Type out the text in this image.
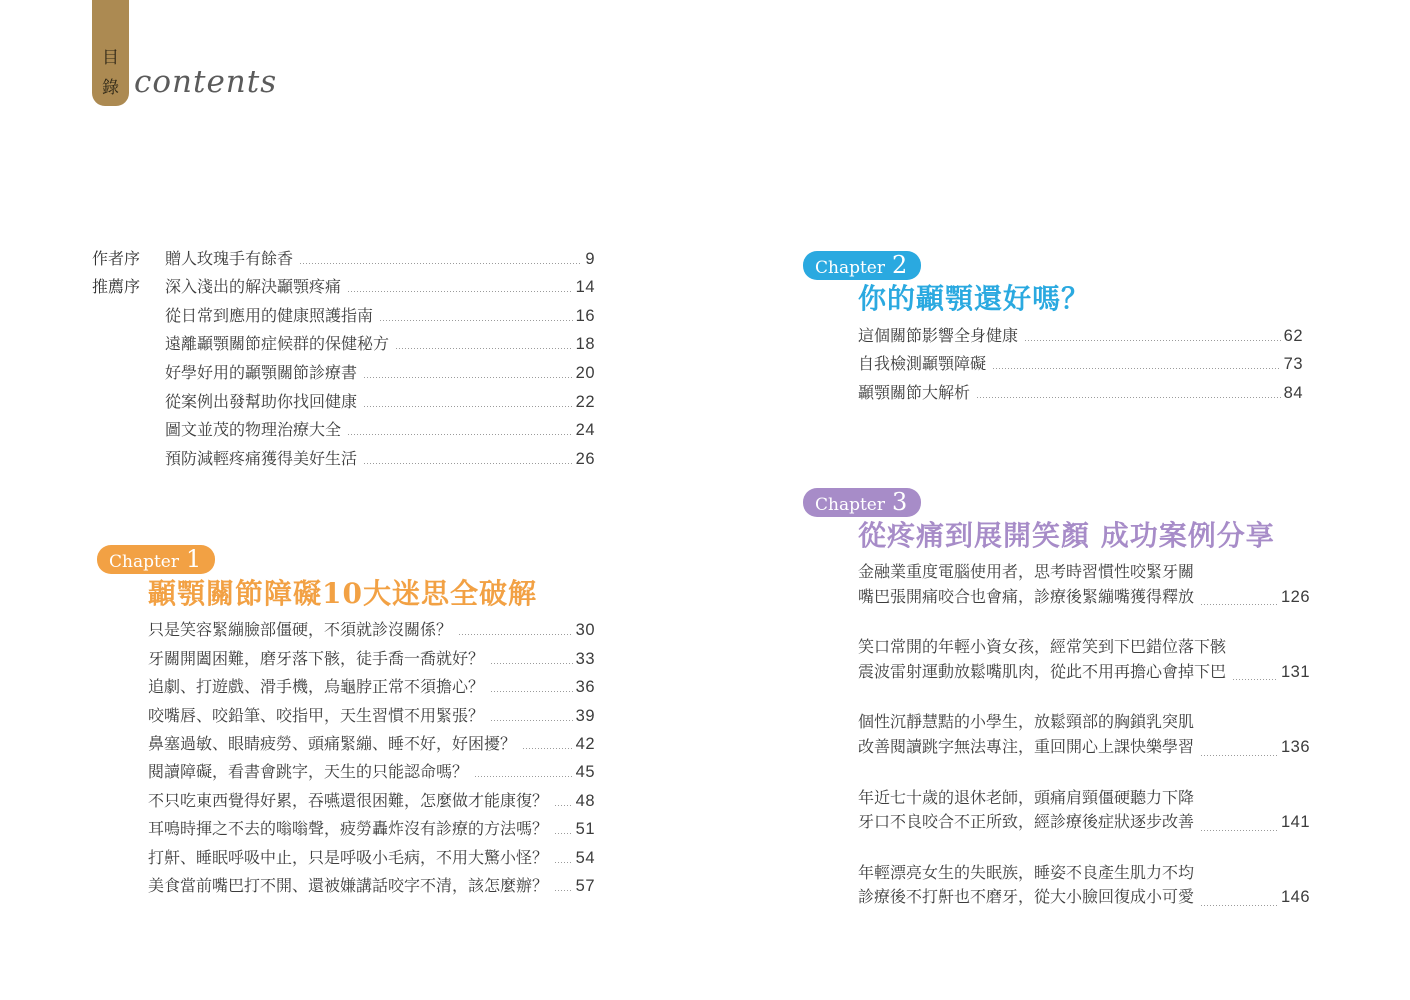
目
錄 contents
作者序	贈人玫瑰手有餘香	9
推薦序	深入淺出的解決顳顎疼痛	14
從日常到應用的健康照護指南	16
遠離顳顎關節症候群的保健秘方	18
好學好用的顳顎關節診療書	20
從案例出發幫助你找回健康	22
圖文並茂的物理治療大全	24
預防減輕疼痛獲得美好生活	26
Chapter 1
顳顎關節障礙10大迷思全破解
只是笑容緊繃臉部僵硬，不須就診沒關係？	30
牙關開闔困難，磨牙落下骸，徒手喬一喬就好？	33
追劇、打遊戲、滑手機，烏龜脖正常不須擔心？	36
咬嘴唇、咬鉛筆、咬指甲，天生習慣不用緊張？	39
鼻塞過敏、眼睛疲勞、頭痛緊繃、睡不好，好困擾？	42
閱讀障礙，看書會跳字，天生的只能認命嗎？	45
不只吃東西覺得好累，吞嚥還很困難，怎麼做才能康復？ 48
耳鳴時揮之不去的嗡嗡聲，疲勞轟炸沒有診療的方法嗎？ 51
打鼾、睡眠呼吸中止，只是呼吸小毛病，不用大驚小怪？ 54
美食當前嘴巴打不開、還被嫌講話咬字不清，該怎麼辦？ 57
Chapter 2
你的顳顎還好嗎？
這個關節影響全身健康	62
自我檢測顳顎障礙	73
顳顎關節大解析	84
Chapter 3
從疼痛到展開笑顏 成功案例分享
金融業重度電腦使用者，思考時習慣性咬緊牙關
嘴巴張開痛咬合也會痛，診療後緊繃嘴獲得釋放	126
笑口常開的年輕小資女孩，經常笑到下巴錯位落下骸
震波雷射運動放鬆嘴肌肉，從此不用再擔心會掉下巴	131
個性沉靜慧黠的小學生，放鬆頸部的胸鎖乳突肌
改善閱讀跳字無法專注，重回開心上課快樂學習	136
年近七十歲的退休老師，頭痛肩頸僵硬聽力下降
牙口不良咬合不正所致，經診療後症狀逐步改善	141
年輕漂亮女生的失眠族，睡姿不良產生肌力不均
診療後不打鼾也不磨牙，從大小臉回復成小可愛	146
